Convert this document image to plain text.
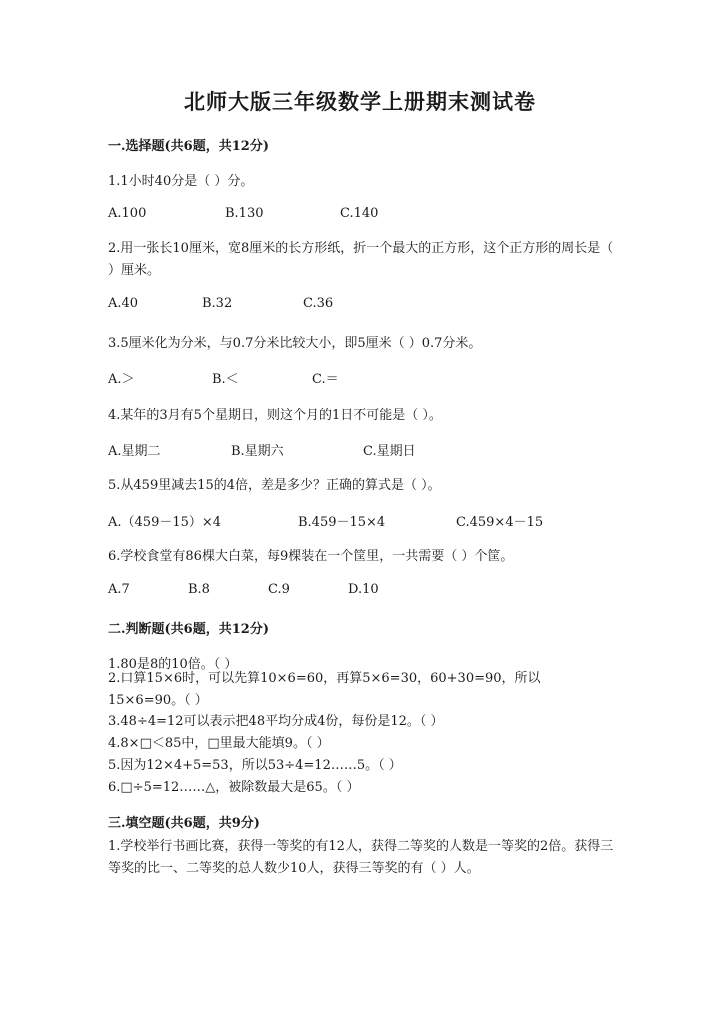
北师大版三年级数学上册期末测试卷
一.选择题(共6题，共12分)
1.1小时40分是（ ）分。
A.100	B.130	C.140
2.用一张长10厘米，宽8厘米的长方形纸，折一个最大的正方形，这个正方形的周长是（ ）厘米。
A.40	B.32	C.36
3.5厘米化为分米，与0.7分米比较大小，即5厘米（ ）0.7分米。
A.＞	B.＜	C.＝
4.某年的3月有5个星期日，则这个月的1日不可能是（ ）。
A.星期二	B.星期六	C.星期日
5.从459里减去15的4倍，差是多少？正确的算式是（ ）。
A.（459－15）×4	B.459－15×4	C.459×4－15
6.学校食堂有86棵大白菜，每9棵装在一个筐里，一共需要（ ）个筐。
A.7	B.8	C.9	D.10
二.判断题(共6题，共12分)
1.80是8的10倍。（ ）
2.口算15×6时，可以先算10×6=60，再算5×6=30，60+30=90，所以15×6=90。（ ）
3.48÷4=12可以表示把48平均分成4份，每份是12。（ ）
4.8×□＜85中，□里最大能填9。（ ）
5.因为12×4+5=53，所以53÷4=12……5。（ ）
6.□÷5=12……△，被除数最大是65。（ ）
三.填空题(共6题，共9分)
1.学校举行书画比赛，获得一等奖的有12人，获得二等奖的人数是一等奖的2倍。获得三等奖的比一、二等奖的总人数少10人，获得三等奖的有（ ）人。
